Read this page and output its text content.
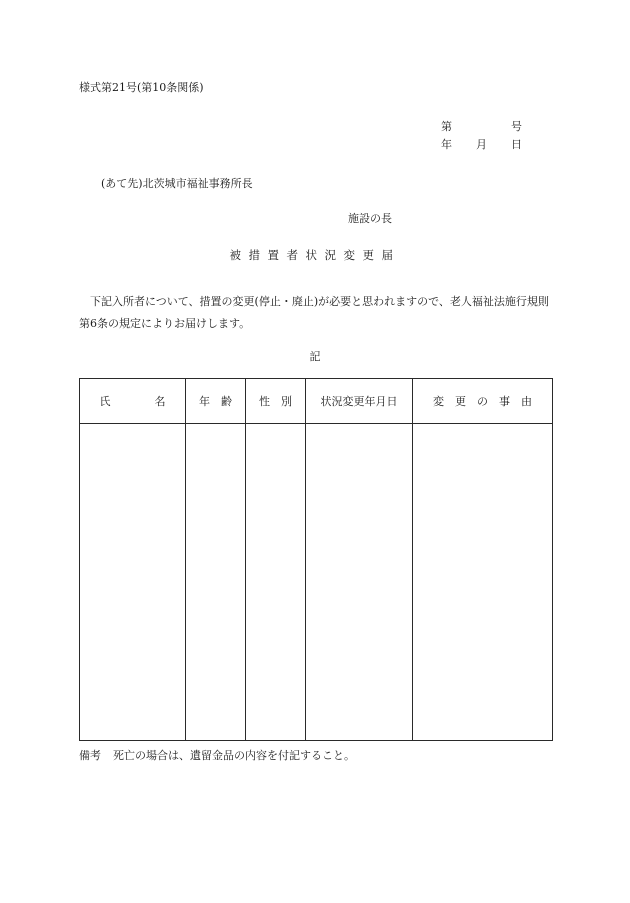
様式第21号(第10条関係)
第	号
年 月 日
(あて先)北茨城市福祉事務所長
施設の長
被措置者状況変更届
下記入所者について、措置の変更(停止・廃止)が必要と思われますので、老人福祉法施行規則第6条の規定によりお届けします。
記
氏　　　　名	年　齢	性　別	状況変更年月日	変　更　の　事　由

備考 死亡の場合は、遺留金品の内容を付記すること。
